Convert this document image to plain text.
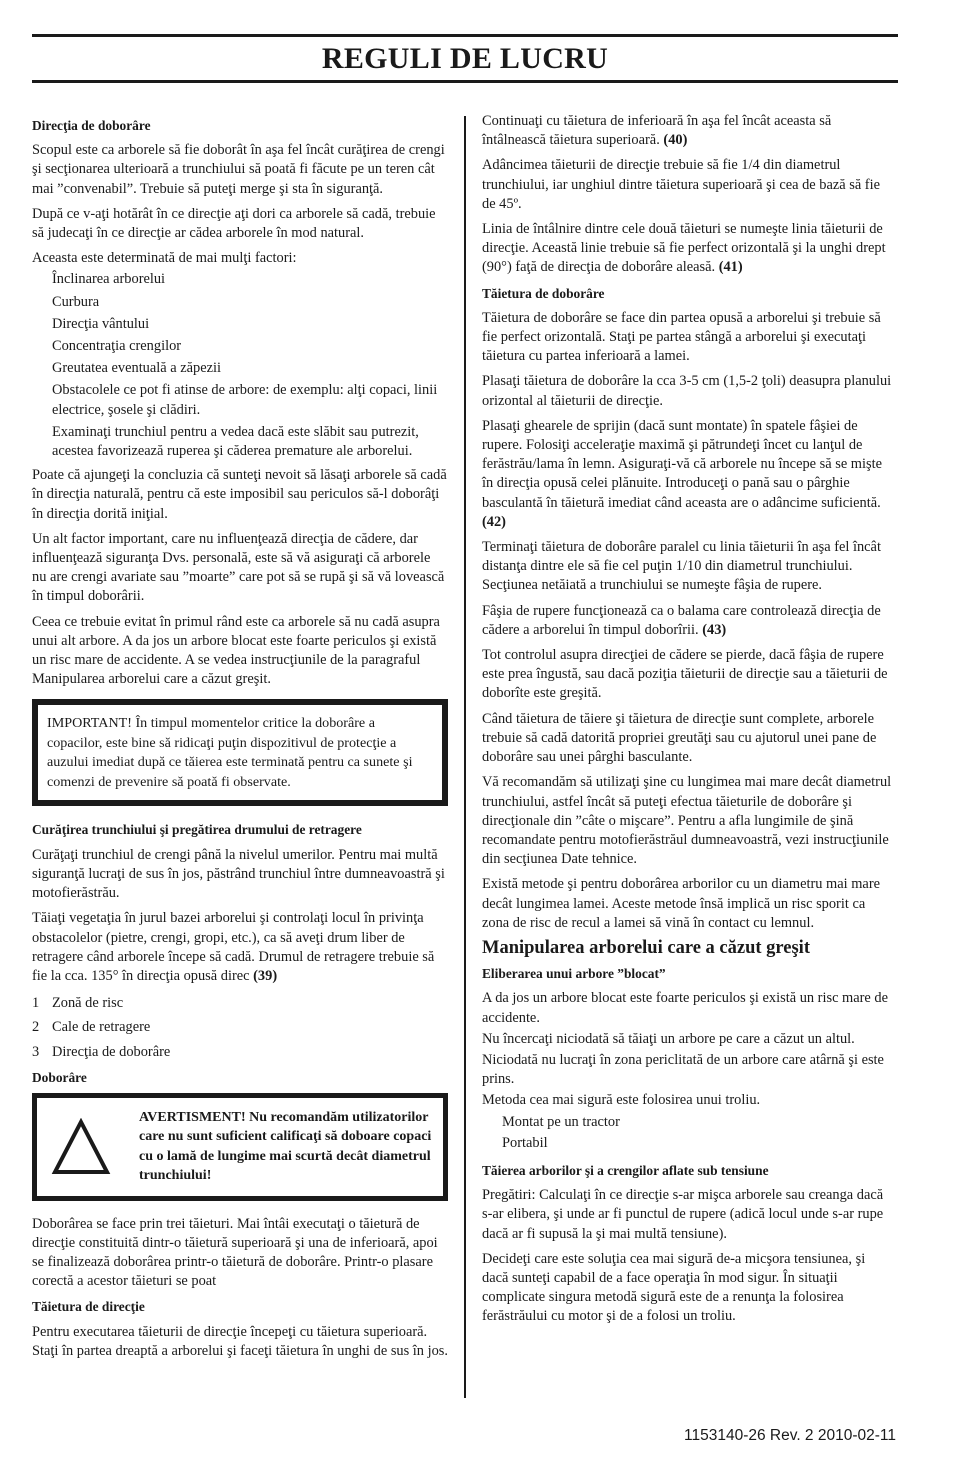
REGULI DE LUCRU

Direcţia de doborâre

Scopul este ca arborele să fie doborât în aşa fel încât curăţirea de crengi şi secţionarea ulterioară a trunchiului să poată fi făcute pe un teren cât mai ”convenabil”. Trebuie să puteţi merge şi sta în siguranţă.

După ce v-aţi hotărât în ce direcţie aţi dori ca arborele să cadă, trebuie să judecaţi în ce direcţie ar cădea arborele în mod natural.

Aceasta este determinată de mai mulţi factori:

Înclinarea arborelui

Curbura

Direcţia vântului

Concentraţia crengilor

Greutatea eventuală a zăpezii

Obstacolele ce pot fi atinse de arbore: de exemplu: alţi copaci, linii electrice, şosele şi clădiri.

Examinaţi trunchiul pentru a vedea dacă este slăbit sau putrezit, acestea favorizează ruperea şi căderea premature ale arborelui.

Poate că ajungeţi la concluzia că sunteţi nevoit să lăsaţi arborele să cadă în direcţia naturală, pentru că este imposibil sau periculos să-l doborâţi în direcţia dorită iniţial.

Un alt factor important, care nu influenţează direcţia de cădere, dar influenţează siguranţa Dvs. personală, este să vă asiguraţi că arborele nu are crengi avariate sau ”moarte” care pot să se rupă şi să vă lovească în timpul doborârii.

Ceea ce trebuie evitat în primul rând este ca arborele să nu cadă asupra unui alt arbore. A da jos un arbore blocat este foarte periculos şi există un risc mare de accidente. A se vedea instrucţiunile de la paragraful Manipularea arborelui care a căzut greşit.

IMPORTANT! În timpul momentelor critice la doborâre a copacilor, este bine să ridicaţi puţin dispozitivul de protecţie a auzului imediat după ce tăierea este terminată pentru ca sunete şi comenzi de prevenire să poată fi observate.

Curăţirea trunchiului şi pregătirea drumului de retragere

Curăţaţi trunchiul de crengi până la nivelul umerilor. Pentru mai multă siguranţă lucraţi de sus în jos, păstrând trunchiul între dumneavoastră şi motofierăstrău.

Tăiaţi vegetaţia în jurul bazei arborelui şi controlaţi locul în privinţa obstacolelor (pietre, crengi, gropi, etc.), ca să aveţi drum liber de retragere când arborele începe să cadă. Drumul de retragere trebuie să fie la cca. 135° în direcţia opusă direc (39)

1 Zonă de risc

2 Cale de retragere

3 Direcţia de doborâre

Doborâre

AVERTISMENT! Nu recomandăm utilizatorilor care nu sunt suficient calificaţi să doboare copaci cu o lamă de lungime mai scurtă decât diametrul trunchiului!

Doborârea se face prin trei tăieturi. Mai întâi executaţi o tăietură de direcţie constituită dintr-o tăietură superioară şi una de inferioară, apoi se finalizează doborârea printr-o tăietură de doborâre. Printr-o plasare corectă a acestor tăieturi se poat

Tăietura de direcţie

Pentru executarea tăieturii de direcţie începeţi cu tăietura superioară. Staţi în partea dreaptă a arborelui şi faceţi tăietura în unghi de sus în jos.

Continuaţi cu tăietura de inferioară în aşa fel încât aceasta să întâlnească tăietura superioară. (40)

Adâncimea tăieturii de direcţie trebuie să fie 1/4 din diametrul trunchiului, iar unghiul dintre tăietura superioară şi cea de bază să fie de 45º.

Linia de întâlnire dintre cele două tăieturi se numeşte linia tăieturii de direcţie. Această linie trebuie să fie perfect orizontală şi la unghi drept (90°) faţă de direcţia de doborâre aleasă. (41)

Tăietura de doborâre

Tăietura de doborâre se face din partea opusă a arborelui şi trebuie să fie perfect orizontală. Staţi pe partea stângă a arborelui şi executaţi tăietura cu partea inferioară a lamei.

Plasaţi tăietura de doborâre la cca 3-5 cm (1,5-2 ţoli) deasupra planului orizontal al tăieturii de direcţie.

Plasaţi ghearele de sprijin (dacă sunt montate) în spatele fâşiei de rupere. Folosiţi acceleraţie maximă şi pătrundeţi încet cu lanţul de ferăstrău/lama în lemn. Asiguraţi-vă că arborele nu începe să se mişte în direcţia opusă celei plănuite. Introduceţi o pană sau o pârghie basculantă în tăietură imediat când aceasta are o adâncime suficientă. (42)

Terminaţi tăietura de doborâre paralel cu linia tăieturii în aşa fel încât distanţa dintre ele să fie cel puţin 1/10 din diametrul trunchiului. Secţiunea netăiată a trunchiului se numeşte fâşia de rupere.

Fâşia de rupere funcţionează ca o balama care controlează direcţia de cădere a arborelui în timpul doborîrii. (43)

Tot controlul asupra direcţiei de cădere se pierde, dacă fâşia de rupere este prea îngustă, sau dacă poziţia tăieturii de direcţie sau a tăieturii de doborîte este greşită.

Când tăietura de tăiere şi tăietura de direcţie sunt complete, arborele trebuie să cadă datorită propriei greutăţi sau cu ajutorul unei pane de doborâre sau unei pârghi basculante.

Vă recomandăm să utilizaţi şine cu lungimea mai mare decât diametrul trunchiului, astfel încât să puteţi efectua tăieturile de doborâre şi direcţionale din ”câte o mişcare”. Pentru a afla lungimile de şină recomandate pentru motofierăstrăul dumneavoastră, vezi instrucţiunile din secţiunea Date tehnice.

Există metode şi pentru doborârea arborilor cu un diametru mai mare decât lungimea lamei. Aceste metode însă implică un risc sporit ca zona de risc de recul a lamei să vină în contact cu lemnul.

Manipularea arborelui care a căzut greşit

Eliberarea unui arbore ”blocat”

A da jos un arbore blocat este foarte periculos şi există un risc mare de accidente.

Nu încercaţi niciodată să tăiaţi un arbore pe care a căzut un altul.

Niciodată nu lucraţi în zona periclitată de un arbore care atârnă şi este prins.

Metoda cea mai sigură este folosirea unui troliu.

Montat pe un tractor

Portabil

Tăierea arborilor şi a crengilor aflate sub tensiune

Pregătiri: Calculaţi în ce direcţie s-ar mişca arborele sau creanga dacă s-ar elibera, şi unde ar fi punctul de rupere (adică locul unde s-ar rupe dacă ar fi supusă la şi mai multă tensiune).

Decideţi care este soluţia cea mai sigură de-a micşora tensiunea, şi dacă sunteţi capabil de a face operaţia în mod sigur. În situaţii complicate singura metodă sigură este de a renunţa la folosirea ferăstrăului cu motor şi de a folosi un troliu.

1153140-26 Rev. 2 2010-02-11
